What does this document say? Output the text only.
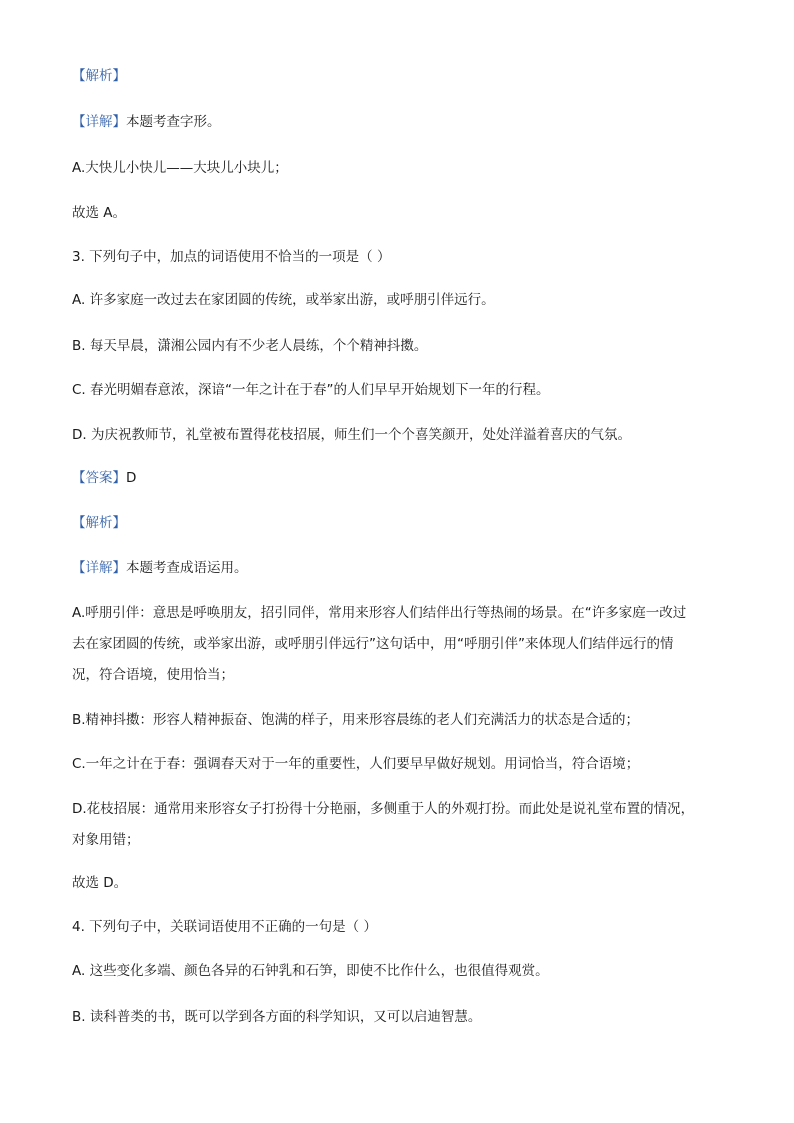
【解析】
【详解】本题考查字形。
A.大快儿小快儿——大块儿小块儿；
故选 A。
3. 下列句子中，加点的词语使用不恰当的一项是（ ）
A. 许多家庭一改过去在家团圆的传统，或举家出游，或呼朋引伴远行。
B. 每天早晨，潇湘公园内有不少老人晨练，个个精神抖擞。
C. 春光明媚春意浓，深谙“一年之计在于春”的人们早早开始规划下一年的行程。
D. 为庆祝教师节，礼堂被布置得花枝招展，师生们一个个喜笑颜开，处处洋溢着喜庆的气氛。
【答案】D
【解析】
【详解】本题考查成语运用。
A.呼朋引伴：意思是呼唤朋友，招引同伴，常用来形容人们结伴出行等热闹的场景。在“许多家庭一改过
去在家团圆的传统，或举家出游，或呼朋引伴远行”这句话中，用“呼朋引伴”来体现人们结伴远行的情
况，符合语境，使用恰当；
B.精神抖擞：形容人精神振奋、饱满的样子，用来形容晨练的老人们充满活力的状态是合适的；
C.一年之计在于春：强调春天对于一年的重要性，人们要早早做好规划。用词恰当，符合语境；
D.花枝招展：通常用来形容女子打扮得十分艳丽，多侧重于人的外观打扮。而此处是说礼堂布置的情况，
对象用错；
故选 D。
4. 下列句子中，关联词语使用不正确的一句是（ ）
A. 这些变化多端、颜色各异的石钟乳和石笋，即使不比作什么，也很值得观赏。
B. 读科普类的书，既可以学到各方面的科学知识，又可以启迪智慧。
